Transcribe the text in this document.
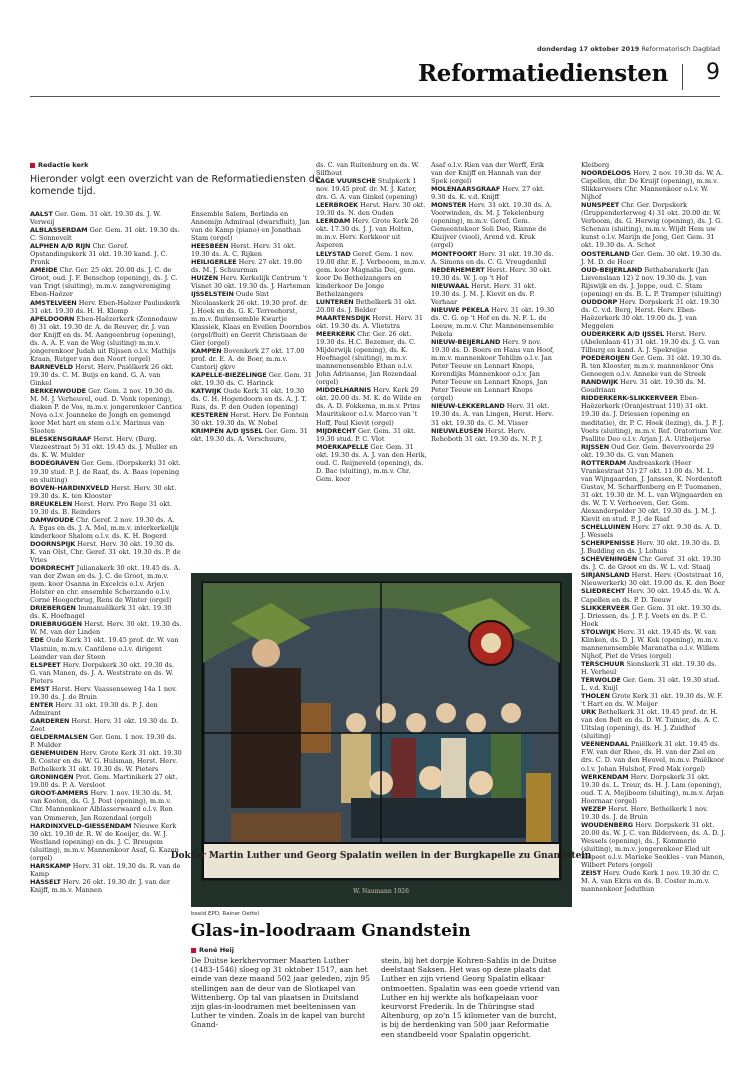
donderdag 17 oktober 2019 Reformatorisch Dagblad
Reformatiediensten 9
Redactie kerk
Hieronder volgt een overzicht van de Reformatiediensten de komende tijd.
AALST Ger. Gem. 31 okt. 19.30 ds. J. W. Verweij
ALBLASSERDAM Ger. Gem. 31 okt. 19.30 ds. C. Sonnevelt
ALPHEN A/D RIJN Chr. Geref. Opstandingskerk 31 okt. 19.30 kand. J. C. Pronk
AMEIDE Chr. Ger. 25 okt. 20.00 ds. J. C. de Groot, oud. J. F. Benschop (opening), ds. J. C. van Trigt (sluiting), m.m.v. zangvereniging Eben-Haëzer
AMSTELVEEN Herv. Eben-Haëzer Pauluskerk 31 okt. 19.30 ds. H. H. Klomp
APELDOORN Eben-Haëzerkerk (Zonnedauw 8) 31 okt. 19.30 dr. A. de Reuver, dr. J. van der Knijff en ds. M. Aangeenbrug (opening), ds. A. A. F. van de Weg (sluiting) m.m.v. jongerenkoor Judah uit Rijssen o.l.v. Mathijs Kraan, Rutger van den Noort (orgel)
BARNEVELD Herst. Herv. Pniëlkerk 26 okt. 19.30 ds. C. M. Buijs en kand. G. A. van Ginkel
BERKENWOUDE Ger. Gem. 2 nov. 19.30 ds. M. M. J. Verheuvel, oud. D. Vonk (opening), diaken P. de Vos, m.m.v. jongerenkoor Cantica Nova o.l.v. Joanneke de Jongh en gemengd koor Met hart en stem o.l.v. Marinus van Slooten
BLESKENSGRAAF Herst. Herv. (Burg. Viezeestraat 5) 31 okt. 19.45 ds. J. Muller en ds. K. W. Mulder
BODEGRAVEN Ger. Gem. (Dorpskerk) 31 okt. 19.30 stud. P. J. de Raaf, ds. A. Baas (opening en sluiting)
BOVEN-HARDINXVELD Herst. Herv. 30 okt. 19.30 ds. K. ten Klooster
BREUKELEN Herst. Herv. Pro Rege 31 okt. 19.30 ds. B. Reinders
DAMWOUDE Chr. Geref. 2 nov. 19.30 ds. A. A. Egas en ds. J. A. Mol, m.m.v. interkerkelijk kinderkoor Shalom o.l.v. ds. K. H. Bogerd
DOORNSPIJK Herst. Herv. 30 okt. 19.30 ds. K. van Olst, Chr. Geref. 31 okt. 19.30 ds. P. de Vries
DORDRECHT Julianakerk 30 okt. 19.45 ds. A. van der Zwan en ds. J. C. de Groot, m.m.v. gem. koor Osanna in Excelcis o.l.v. Arjen Holster en chr. ensemble Scherzando o.l.v. Corné Hoogerbrug, Rens de Winter (orgel)
DRIEBERGEN Immanuëlkerk 31 okt. 19.30 ds. K. Hoefnagel
DRIEBRUGGEN Herst. Herv. 30 okt. 19.30 ds. W. M. van der Linden
EDE Oude Kerk 31 okt. 19.45 prof. dr. W. van Vlastuin, m.m.v. Cantilene o.l.v. dirigent Leander van der Steen
ELSPEET Herv. Dorpskerk 30 okt. 19.30 ds. G. van Manen, ds. J. A. Weststrate en ds. W. Pieters
EMST Herst. Herv. Vaassenseweg 14a 1 nov. 19.30 ds. J. de Bruin
ENTER Herv. 31 okt. 19.30 ds. P. J. den Admirant
GARDEREN Herst. Herv. 31 okt. 19.30 ds. D. Zoet
GELDERMALSEN Ger. Gem. 1 nov. 19.30 ds. P. Mulder
GENEMUIDEN Herv. Grote Kerk 31 okt. 19.30 B. Coster en ds. W. G. Hulsman, Herst. Herv. Bethelkerk 31 okt. 19.30 ds. W. Pieters
GRONINGEN Prot. Gem. Martinikerk 27 okt. 19.00 ds. P. A. Versloot
GROOT-AMMERS Herv. 1 nov. 19.30 ds. M. van Kooten, ds. G. J. Post (opening), m.m.v. Chr. Mannenkoor Alblasserwaard o.l.v. Ron van Ommeren, Jan Rozendaal (orgel)
HARDINXVELD-GIESSENDAM Nieuwe Kerk 30 okt. 19.30 dr. R. W. de Koeijer, ds. W. J. Westland (opening) en ds. J. C. Breugem (sluiting), m.m.v. Mannenkoor Asaf, G. Kazen (orgel)
HARSKAMP Herv. 31 okt. 19.30 ds. R. van de Kamp
HASSELT Herv. 26 okt. 19.30 dr. J. van der Knijff, m.m.v. Mannen
Ensemble Salem, Berlinda en Annemijn Admiraal (dwarsfluit), Jan van de Kamp (piano) en Jonathan Stam (orgel)
HEESBEEN Herst. Herv. 31 okt. 19.30 ds. A. C. Rijken
HEILIGERLEE Herv. 27 okt. 19.00 ds. M. J. Schuurman
HUIZEN Herv. Kerkelijk Centrum 't Visnet 30 okt. 19.30 ds. J. Harteman
IJSSELSTEIN Oude Sint Nicolaaskerk 26 okt. 19.30 prof. dr. J. Hoek en ds. G. K. Terreehorst, m.m.v. fluitensemble Kwartje Klassiek, Klaas en Evelien Doornbos (orgel/fluit) en Gerrit Christiaan de Gier (orgel)
KAMPEN Bovenkerk 27 okt. 17.00 prof. dr. E. A. de Boer, m.m.v. Cantorij gkvv
KAPELLE-BIEZELINGE Ger. Gem. 31 okt. 19.30 ds. C. Harinck
KATWIJK Oude Kerk 31 okt. 19.30 ds. C. H. Hogendoorn en ds. A. J. T. Ruis, ds. P. den Ouden (opening)
KESTEREN Herst. Herv. De Fontein 30 okt. 19.30 ds. W. Nobel
KRIMPEN A/D IJSSEL Ger. Gem. 31 okt. 19.30 ds. A. Verschuure,
ds. C. van Ruitenburg en ds. W. Silfhout
LAGE VUURSCHE Stulpkerk 1 nov. 19.45 prof. dr. M. J. Kater, drs. G. A. van Ginkel (opening)
LEERBROEK Herst. Herv. 30 okt. 19.30 ds. N. den Ouden
LEERDAM Herv. Grote Kerk 26 okt. 17.30 ds. J. J. van Holten, m.m.v. Herv. Kerkkoor uit Asperen
LELYSTAD Geref. Gem. 1 nov. 19.00 dhr. E. J. Verbooom, m.m.v. gem. koor Magnalia Dei, gem. koor De Bethelzangers en kinderkoor De Jonge Bethelzangers
LUNTEREN Bethelkerk 31 okt. 20.00 ds. J. Belder
MAARTENSDIJK Herst. Herv. 31 okt. 19.30 ds. A. Vlietstra
MEERKERK Chr. Ger. 26 okt. 19.30 ds. H.C. Bezemer, ds. C. Mijderwijk (opening), ds. K. Hoefnagel (sluiting), m.m.v. mannenensemble Ethan o.l.v. John Adrisanse, Jan Rozendaal (orgel)
MIDDELHARNIS Herv. Kerk 29 okt. 20.00 ds. M. K. de Wilde en ds. A. D. Fokkema, m.m.v. Prins Mauritskoor o.l.v. Marco van 't Hoff, Paul Kievit (orgel)
MIJDRECHT Ger. Gem. 31 okt. 19.30 stud. P. C. Vlot
MOERKAPELLE Ger. Gem. 31 okt. 19.30 ds. A. J. van den Herik, oud. C. Reijneveld (opening), ds. D. Bac (sluiting), m.m.v. Chr. Gem. koor
Asaf o.l.v. Rien van der Werff, Erik van der Knijff en Hannah van der Spek (orgel)
MOLENAARSGRAAF Herv. 27 okt. 9.30 ds. K. v.d. Knijff
MONSTER Herv. 31 okt. 19.30 ds. A. Voorwinden, ds. M. J. Tekelenburg (opening), m.m.v. Geref. Gem. Gemeentekoor Soli Deo, Rianne de Kluijver (viool), Arend v.d. Kruk (orgel)
MONTFOORT Herv. 31 okt. 19.30 ds. A. Simons en ds. C. G. Vreugdenhil
NEDERHEMERT Herst. Herv. 30 okt. 19.30 ds. W. J. op 't Hof
NIEUWAAL Herst. Herv. 31 okt. 19.30 ds. J. M. J. Kievit en ds. P. Verhaar
NIEUWE PEKELA Herv. 31 okt. 19.30 ds. C. G. op 't Hof en ds. N. F. L. de Leeuw, m.m.v. Chr. Mannenensemble Pekela
NIEUW-BEIJERLAND Herv. 9 nov. 19.30 ds. D. Boers en Hans van Hoof, m.m.v. mannenkoor Tehilim o.l.v. Jan Peter Teeuw en Lennart Knops, Korendijks Mannenkoor o.l.v. Jan Peter Teeuw en Lennart Knops, Jan Peter Teeuw en Lennart Knops (orgel)
NIEUW-LEKKERLAND Herv. 31 okt. 19.30 ds. A. van Lingen, Herst. Herv. 31 okt. 19.30 ds. C. M. Visser
NIEUWLEUSEN Herst. Herv. Rehoboth 31 okt. 19.30 ds. N. P. J.
Kleiberg
NOORDELOOS Herv. 2 nov. 19.30 ds. W. A. Capellen, dhr. De Kruijf (opening), m.m.v. Slikkerveers Chr. Mannenkoor o.l.v. W. Nijhof
NUNSPEET Chr. Ger. Dorpskerk (Gruppenderlerweg 4) 31 okt. 20.00 dr. W. Verboom, ds. G. Herwig (opening), ds. J. G. Schenau (sluiting), m.m.v. Wijdt Hem uw kunst o.l.v. Marijn de Jong, Ger. Gem. 31 okt. 19.30 ds. A. Schot
OOSTERLAND Ger. Gem. 30 okt. 19.30 ds. J. M. D. de Heer
OUD-BEIJERLAND Bethabarakerk (Jan Lievenslaan 12) 2 nov. 19.30 ds. J. van Rijswijk en ds. J. Joppe, oud. C. Stam (opening) en ds. B. L. P. Tramper (sluiting)
OUDDORP Herv. Dorpskerk 31 okt. 19.30 ds. C. v.d. Berg, Herst. Herv. Eben-Haëzerkerk 30 okt. 19.00 ds. J. van Meggelen
OUDERKERK A/D IJSSEL Herst. Herv. (Abelenlaan 41) 31 okt. 19.30 ds. J. G. van Tilburg en kand. A. J. Spekreijse
POEDEROIJEN Ger. Gem. 31 okt. 19.30 ds. R. ten Klooster, m.m.v. mannenkoor Ons Genoegen o.l.v. Anneke van de Streek
RANDWIJK Herv. 31 okt. 19.30 ds. M. Goudriaan
RIDDERKERK-SLIKKERVEER Eben-Haëzerkerk (Oranjestraat 110) 31 okt. 19.30 ds. J. Driessen (opening en meditatie), dr. P. C. Hoek (lezing), ds. J. P. J. Voets (sluiting), m.m.v. Ref. Oratorium Ver. Psallite Deo o.l.v. Arjan J. A. Uitbeijerse
RIJSSEN Oud Ger. Gem. Bevervoorde 29 okt. 19.30 ds. G. van Manen
ROTTERDAM Andreaskerk (Heer Vrankestraat 51) 27 okt. 11.00 ds. M. L. van Wijngaarden, J. Janssen, K. Nordentoft Gustav, M. Scharffenberg en P. Tuomanen, 31 okt. 19.30 dr. M. L. van Wijngaarden en ds. W. T. V. Verhoeven, Ger. Gem. Alexanderpolder 30 okt. 19.30 ds. J. M. J. Kievit en stud. P. J. de Raaf
SCHELLUINEN Herv. 27 okt. 9.30 ds. A. D. J. Wessels
SCHERPENISSE Herv. 30 okt. 19.30 ds. D. J. Budding en ds. J. Lohuis
SCHEVENINGEN Chr. Geref. 31 okt. 19.30 ds. J. C. de Groot en ds. W. L. v.d. Staaij
SIRJANSLAND Herst. Herv. (Ooststraat 16, Nieuwerkerk) 30 okt. 19.00 ds. K. den Boer
SLIEDRECHT Herv. 30 okt. 19.45 ds. W. A. Capellen en ds. P. D. Teeuw
SLIKKERVEER Ger. Gem. 31 okt. 19.30 ds. J. Driessen, ds. J. P. J. Voets en ds. P. C. Hoek
STOLWIJK Herv. 31 okt. 19.45 ds. W. van Klinken, ds. D. J. W. Kok (opening), m.m.v. mannenensemble Maranatha o.l.v. Willem Nijhof, Piet de Vries (orgel)
TERSCHUUR Sionskerk 31 okt. 19.30 ds. H. Verheul
TERWOLDE Ger. Gem. 31 okt. 19.30 stud. L. v.d. Kuijl
THOLEN Grote Kerk 31 okt. 19.30 ds. W. F. 't Hart en ds. W. Meijer
URK Bethelkerk 31 okt. 19.45 prof. dr. H. van den Belt en ds. D. W. Tuinier, ds. A. C. Uitslag (opening), ds. H. J. Zuidhof (sluiting)
VEENENDAAL Pniëlkerk 31 okt. 19.45 ds. F.W. van der Rhee, ds. H. van der Ziel en drs. C. D. van den Heuvel, m.m.v. Pniëlkoor o.l.v. Johan Hulshof, Fred Mak (orgel)
WERKENDAM Herv. Dorpskerk 31 okt. 19.30 ds. L. Treur, ds. H. J. Lam (opening), oud. T. A. Mejiboom (sluiting), m.m.v. Arjan Hoornaar (orgel)
WEZEP Herst. Herv. Bethelkerk 1 nov. 19.30 ds. J. de Bruin
WOUDENBERG Herv. Dorpskerk 31 okt. 20.00 ds. W. J. C. van Bilderveen, ds. A. D. J. Wessels (opening), ds. J. Kommerie (sluiting), m.m.v. jongerenkoor Eled uit Elspeet o.l.v. Marieke Seekles - van Manen, Wilbert Peters (orgel)
ZEIST Herv. Oude Kerk 1 nov. 19.30 dr. C. M. A. van Ekris en ds. B. Coster m.m.v. mannenkoor Jeduthun
Doktor Martin Luther und Georg Spalatin weilen in der Burgkapelle zu Gnandstein
W. Naumann 1926
beeld EPD, Rainer Oettel
Glas-in-loodraam Gnandstein
René Heij
De Duitse kerkhervormer Maarten Luther (1483-1546) sloeg op 31 oktober 1517, aan het einde van deze maand 502 jaar geleden, zijn 95 stellingen aan de deur van de Slotkapel van Wittenberg. Op tal van plaatsen in Duitsland zijn glas-in-loodramen met beeltenissen van Luther te vinden. Zoals in de kapel van burcht Gnand-
stein, bij het dorpje Kohren-Sahlis in de Duitse deelstaat Saksen. Het was op deze plaats dat Luther en zijn vriend Georg Spalatin elkaar ontmoetten. Spalatin was een goede vriend van Luther en hij werkte als hofkapelaan voor keurvorst Frederik. In de Thüringse stad Altenburg, op zo'n 15 kilometer van de burcht, is bij de herdenking van 500 jaar Reformatie een standbeeld voor Spalatin opgericht.
